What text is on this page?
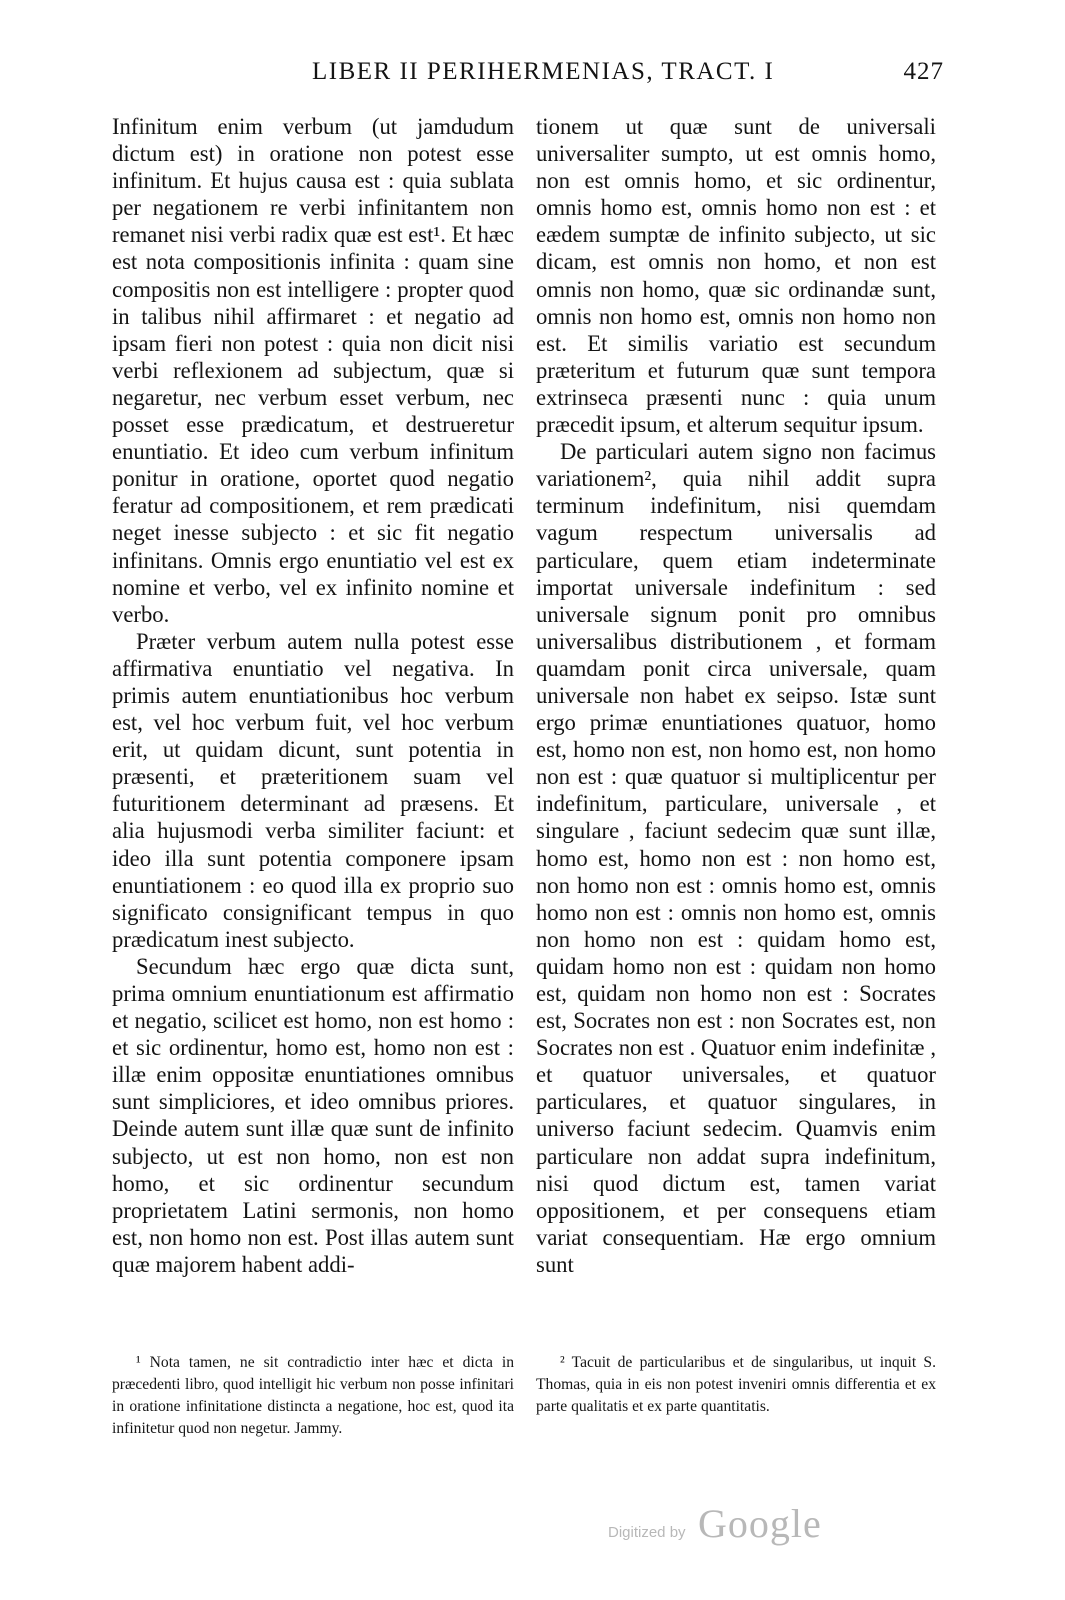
LIBER II PERIHERMENIAS, TRACT. I	427

Infinitum enim verbum (ut jamdudum dictum est) in oratione non potest esse infinitum. Et hujus causa est : quia sublata per negationem re verbi infinitantem non remanet nisi verbi radix quæ est est¹. Et hæc est nota compositionis infinita : quam sine compositis non est intelligere : propter quod in talibus nihil affirmaret : et negatio ad ipsam fieri non potest : quia non dicit nisi verbi reflexionem ad subjectum, quæ si negaretur, nec verbum esset verbum, nec posset esse prædicatum, et destrueretur enuntiatio. Et ideo cum verbum infinitum ponitur in oratione, oportet quod negatio feratur ad compositionem, et rem prædicati neget inesse subjecto : et sic fit negatio infinitans. Omnis ergo enuntiatio vel est ex nomine et verbo, vel ex infinito nomine et verbo.

Præter verbum autem nulla potest esse affirmativa enuntiatio vel negativa. In primis autem enuntiationibus hoc verbum est, vel hoc verbum fuit, vel hoc verbum erit, ut quidam dicunt, sunt potentia in præsenti, et præteritionem suam vel futuritionem determinant ad præsens. Et alia hujusmodi verba similiter faciunt: et ideo illa sunt potentia componere ipsam enuntiationem : eo quod illa ex proprio suo significato consignificant tempus in quo prædicatum inest subjecto.

Secundum hæc ergo quæ dicta sunt, prima omnium enuntiationum est affirmatio et negatio, scilicet est homo, non est homo : et sic ordinentur, homo est, homo non est : illæ enim oppositæ enuntiationes omnibus sunt simpliciores, et ideo omnibus priores. Deinde autem sunt illæ quæ sunt de infinito subjecto, ut est non homo, non est non homo, et sic ordinentur secundum proprietatem Latini sermonis, non homo est, non homo non est. Post illas autem sunt quæ majorem habent addi-

tionem ut quæ sunt de universali universaliter sumpto, ut est omnis homo, non est omnis homo, et sic ordinentur, omnis homo est, omnis homo non est : et eædem sumptæ de infinito subjecto, ut sic dicam, est omnis non homo, et non est omnis non homo, quæ sic ordinandæ sunt, omnis non homo est, omnis non homo non est. Et similis variatio est secundum præteritum et futurum quæ sunt tempora extrinseca præsenti nunc : quia unum præcedit ipsum, et alterum sequitur ipsum.

De particulari autem signo non facimus variationem², quia nihil addit supra terminum indefinitum, nisi quemdam vagum respectum universalis ad particulare, quem etiam indeterminate importat universale indefinitum : sed universale signum ponit pro omnibus universalibus distributionem , et formam quamdam ponit circa universale, quam universale non habet ex seipso. Istæ sunt ergo primæ enuntiationes quatuor, homo est, homo non est, non homo est, non homo non est : quæ quatuor si multiplicentur per indefinitum, particulare, universale , et singulare , faciunt sedecim quæ sunt illæ, homo est, homo non est : non homo est, non homo non est : omnis homo est, omnis homo non est : omnis non homo est, omnis non homo non est : quidam homo est, quidam homo non est : quidam non homo est, quidam non homo non est : Socrates est, Socrates non est : non Socrates est, non Socrates non est . Quatuor enim indefinitæ , et quatuor universales, et quatuor particulares, et quatuor singulares, in universo faciunt sedecim. Quamvis enim particulare non addat supra indefinitum, nisi quod dictum est, tamen variat oppositionem, et per consequens etiam variat consequentiam. Hæ ergo omnium sunt

¹ Nota tamen, ne sit contradictio inter hæc et dicta in præcedenti libro, quod intelligit hic verbum non posse infinitari in oratione infinitatione distincta a negatione, hoc est, quod ita infinitetur quod non negetur. Jammy.

² Tacuit de particularibus et de singularibus, ut inquit S. Thomas, quia in eis non potest inveniri omnis differentia et ex parte qualitatis et ex parte quantitatis.

Digitized by Google
